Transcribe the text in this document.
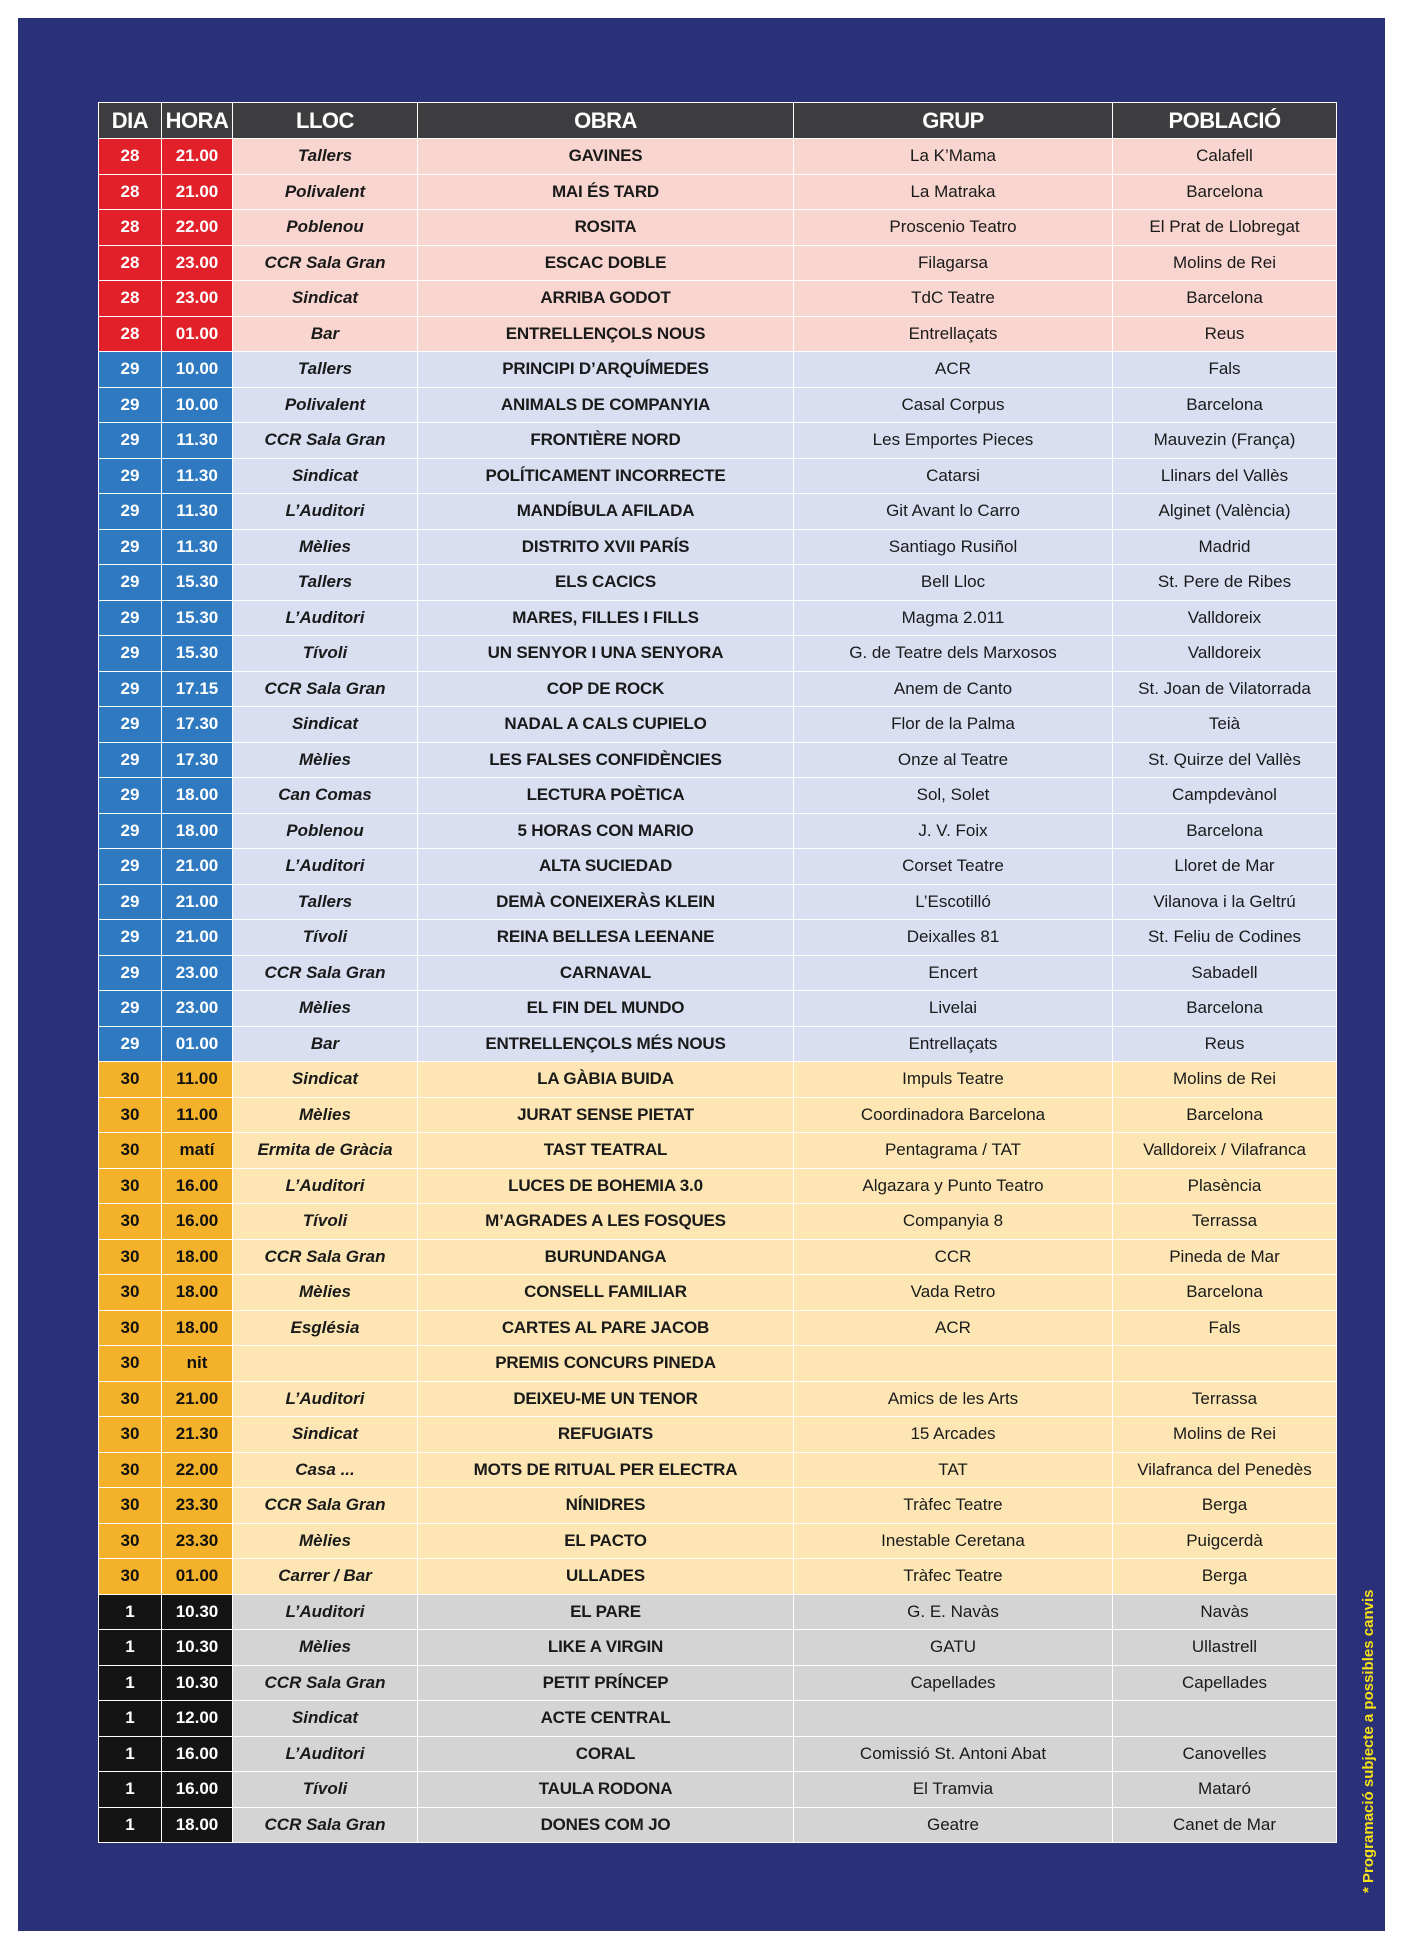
DIA	HORA	LLOC	OBRA	GRUP	POBLACIÓ
28	21.00	Tallers	GAVINES	La K’Mama	Calafell
28	21.00	Polivalent	MAI ÉS TARD	La Matraka	Barcelona
28	22.00	Poblenou	ROSITA	Proscenio Teatro	El Prat de Llobregat
28	23.00	CCR Sala Gran	ESCAC DOBLE	Filagarsa	Molins de Rei
28	23.00	Sindicat	ARRIBA GODOT	TdC Teatre	Barcelona
28	01.00	Bar	ENTRELLENÇOLS NOUS	Entrellaçats	Reus
29	10.00	Tallers	PRINCIPI D’ARQUÍMEDES	ACR	Fals
29	10.00	Polivalent	ANIMALS DE COMPANYIA	Casal Corpus	Barcelona
29	11.30	CCR Sala Gran	FRONTIÈRE NORD	Les Emportes Pieces	Mauvezin (França)
29	11.30	Sindicat	POLÍTICAMENT INCORRECTE	Catarsi	Llinars del Vallès
29	11.30	L’Auditori	MANDÍBULA AFILADA	Git Avant lo Carro	Alginet (València)
29	11.30	Mèlies	DISTRITO XVII PARÍS	Santiago Rusiñol	Madrid
29	15.30	Tallers	ELS CACICS	Bell Lloc	St. Pere de Ribes
29	15.30	L’Auditori	MARES, FILLES I FILLS	Magma 2.011	Valldoreix
29	15.30	Tívoli	UN SENYOR I UNA SENYORA	G. de Teatre dels Marxosos	Valldoreix
29	17.15	CCR Sala Gran	COP DE ROCK	Anem de Canto	St. Joan de Vilatorrada
29	17.30	Sindicat	NADAL A CALS CUPIELO	Flor de la Palma	Teià
29	17.30	Mèlies	LES FALSES CONFIDÈNCIES	Onze al Teatre	St. Quirze del Vallès
29	18.00	Can Comas	LECTURA POÈTICA	Sol, Solet	Campdevànol
29	18.00	Poblenou	5 HORAS CON MARIO	J. V. Foix	Barcelona
29	21.00	L’Auditori	ALTA SUCIEDAD	Corset Teatre	Lloret de Mar
29	21.00	Tallers	DEMÀ CONEIXERÀS KLEIN	L’Escotilló	Vilanova i la Geltrú
29	21.00	Tívoli	REINA BELLESA LEENANE	Deixalles 81	St. Feliu de Codines
29	23.00	CCR Sala Gran	CARNAVAL	Encert	Sabadell
29	23.00	Mèlies	EL FIN DEL MUNDO	Livelai	Barcelona
29	01.00	Bar	ENTRELLENÇOLS MÉS NOUS	Entrellaçats	Reus
30	11.00	Sindicat	LA GÀBIA BUIDA	Impuls Teatre	Molins de Rei
30	11.00	Mèlies	JURAT SENSE PIETAT	Coordinadora Barcelona	Barcelona
30	matí	Ermita de Gràcia	TAST TEATRAL	Pentagrama / TAT	Valldoreix / Vilafranca
30	16.00	L’Auditori	LUCES DE BOHEMIA 3.0	Algazara y Punto Teatro	Plasència
30	16.00	Tívoli	M’AGRADES A LES FOSQUES	Companyia 8	Terrassa
30	18.00	CCR Sala Gran	BURUNDANGA	CCR	Pineda de Mar
30	18.00	Mèlies	CONSELL FAMILIAR	Vada Retro	Barcelona
30	18.00	Església	CARTES AL PARE JACOB	ACR	Fals
30	nit		PREMIS CONCURS PINEDA		
30	21.00	L’Auditori	DEIXEU-ME UN TENOR	Amics de les Arts	Terrassa
30	21.30	Sindicat	REFUGIATS	15 Arcades	Molins de Rei
30	22.00	Casa ...	MOTS DE RITUAL PER ELECTRA	TAT	Vilafranca del Penedès
30	23.30	CCR Sala Gran	NÍNIDRES	Tràfec Teatre	Berga
30	23.30	Mèlies	EL PACTO	Inestable Ceretana	Puigcerdà
30	01.00	Carrer / Bar	ULLADES	Tràfec Teatre	Berga
1	10.30	L’Auditori	EL PARE	G. E. Navàs	Navàs
1	10.30	Mèlies	LIKE A VIRGIN	GATU	Ullastrell
1	10.30	CCR Sala Gran	PETIT PRÍNCEP	Capellades	Capellades
1	12.00	Sindicat	ACTE CENTRAL		
1	16.00	L’Auditori	CORAL	Comissió St. Antoni Abat	Canovelles
1	16.00	Tívoli	TAULA RODONA	El Tramvia	Mataró
1	18.00	CCR Sala Gran	DONES COM JO	Geatre	Canet de Mar	* Programació subjecte a possibles canvis
